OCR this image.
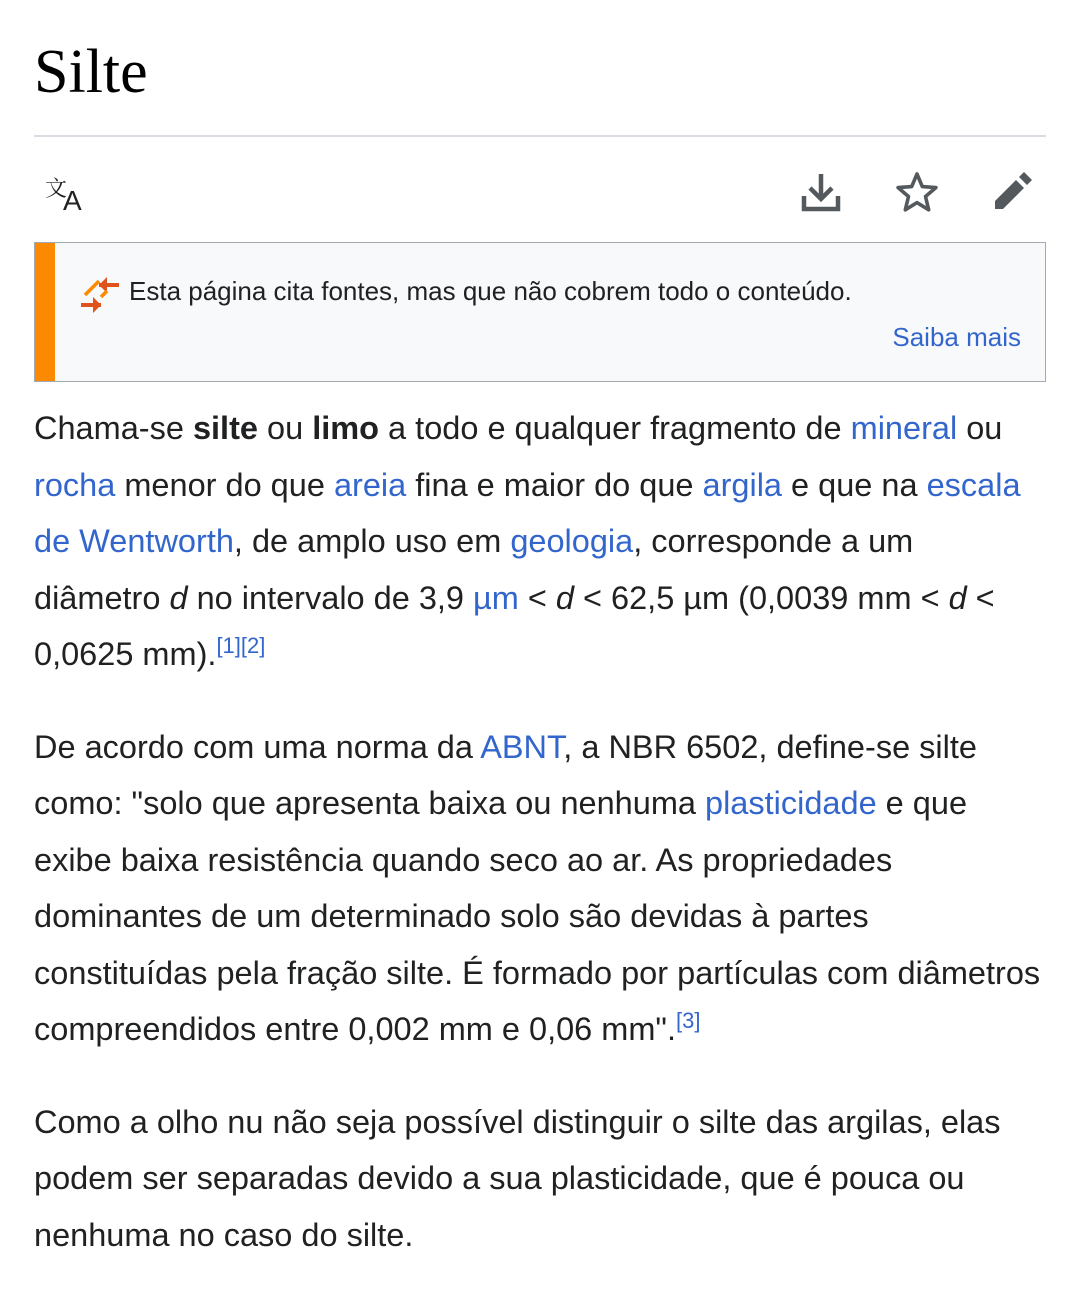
Silte
文
A
Esta página cita fontes, mas que não cobrem todo o conteúdo.
Saiba mais

Chama-se silte ou limo a todo e qualquer fragmento de mineral ou rocha menor do que areia fina e maior do que argila e que na escala de Wentworth, de amplo uso em geologia, corresponde a um diâmetro d no intervalo de 3,9 µm < d < 62,5 µm (0,0039 mm < d < 0,0625 mm).[1][2]

De acordo com uma norma da ABNT, a NBR 6502, define-se silte como: "solo que apresenta baixa ou nenhuma plasticidade e que exibe baixa resistência quando seco ao ar. As propriedades dominantes de um determinado solo são devidas à partes constituídas pela fração silte. É formado por partículas com diâmetros compreendidos entre 0,002 mm e 0,06 mm".[3]

Como a olho nu não seja possível distinguir o silte das argilas, elas podem ser separadas devido a sua plasticidade, que é pouca ou nenhuma no caso do silte.
